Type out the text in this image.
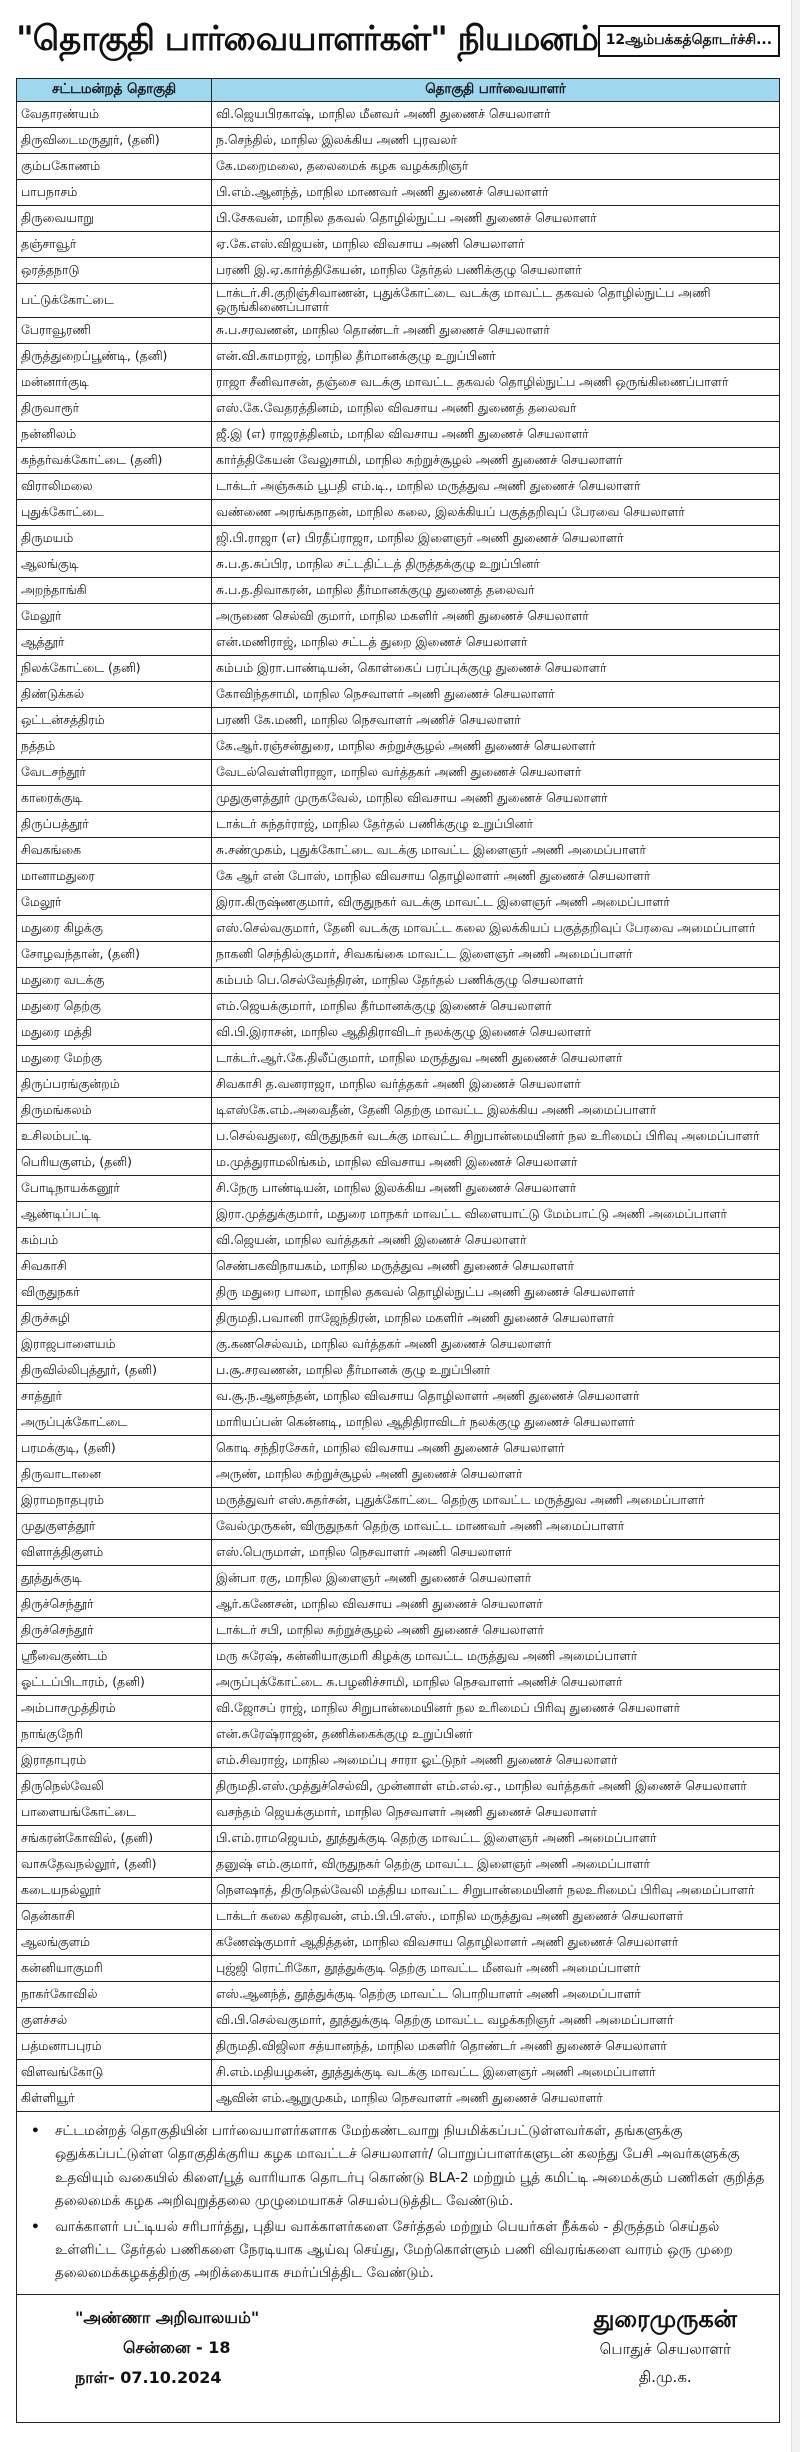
"தொகுதி பார்வையாளர்கள்" நியமனம் 12ஆம்பக்கத்தொடர்ச்சி...
சட்டமன்றத் தொகுதி	தொகுதி பார்வையாளர்
வேதாரண்யம்	வி.ஜெயபிரகாஷ், மாநில மீனவர் அணி துணைச் செயலாளர்
திருவிடைமருதூர், (தனி)	ந.செந்தில், மாநில இலக்கிய அணி புரவலர்
கும்பகோணம்	கே.மறைமலை, தலைமைக் கழக வழக்கறிஞர்
பாபநாசம்	பி.எம்.ஆனந்த், மாநில மாணவர் அணி துணைச் செயலாளர்
திருவையாறு	பி.சேகவன், மாநில தகவல் தொழில்நுட்ப அணி துணைச் செயலாளர்
தஞ்சாவூர்	ஏ.கே.எஸ்.விஜயன், மாநில விவசாய அணி செயலாளர்
ஒரத்தநாடு	பரணி இ.ஏ.கார்த்திகேயன், மாநில தேர்தல் பணிக்குழு செயலாளர்
பட்டுக்கோட்டை	டாக்டர்.சி.குறிஞ்சிவாணன், புதுக்கோட்டை வடக்கு மாவட்ட தகவல் தொழில்நுட்ப அணி ஒருங்கிணைப்பாளர்
பேராவூரணி	சு.ப.சரவணன், மாநில தொண்டர் அணி துணைச் செயலாளர்
திருத்துறைப்பூண்டி, (தனி)	என்.வி.காமராஜ், மாநில தீர்மானக்குழு உறுப்பினர்
மன்னார்குடி	ராஜா சீனிவாசன், தஞ்சை வடக்கு மாவட்ட தகவல் தொழில்நுட்ப அணி ஒருங்கிணைப்பாளர்
திருவாரூர்	எஸ்.கே.வேதரத்தினம், மாநில விவசாய அணி துணைத் தலைவர்
நன்னிலம்	ஜீ.இ (எ) ராஜரத்தினம், மாநில விவசாய அணி துணைச் செயலாளர்
கந்தர்வக்கோட்டை (தனி)	கார்த்திகேயன் வேலுசாமி, மாநில சுற்றுச்சூழல் அணி துணைச் செயலாளர்
விராலிமலை	டாக்டர் அஞ்சுகம் பூபதி எம்.டி., மாநில மருத்துவ அணி துணைச் செயலாளர்
புதுக்கோட்டை	வண்ணை அரங்கநாதன், மாநில கலை, இலக்கியப் பகுத்தறிவுப் பேரவை செயலாளர்
திருமயம்	ஜி.பி.ராஜா (எ) பிரதீப்ராஜா, மாநில இளைஞர் அணி துணைச் செயலாளர்
ஆலங்குடி	சு.ப.த.சுப்பிர, மாநில சட்டதிட்டத் திருத்தக்குழு உறுப்பினர்
அறந்தாங்கி	சு.ப.த.திவாகரன், மாநில தீர்மானக்குழு துணைத் தலைவர்
மேலூர்	அருணை செல்வி குமார், மாநில மகளிர் அணி துணைச் செயலாளர்
ஆத்தூர்	என்.மணிராஜ், மாநில சட்டத் துறை இணைச் செயலாளர்
நிலக்கோட்டை (தனி)	கம்பம் இரா.பாண்டியன், கொள்கைப் பரப்புக்குழு துணைச் செயலாளர்
திண்டுக்கல்	கோவிந்தசாமி, மாநில நெசவாளர் அணி துணைச் செயலாளர்
ஒட்டன்சத்திரம்	பரணி கே.மணி, மாநில நெசவாளர் அணிச் செயலாளர்
நத்தம்	கே.ஆர்.ரஞ்சன்துரை, மாநில சுற்றுச்சூழல் அணி துணைச் செயலாளர்
வேடசந்தூர்	வேடல்வெள்ளிராஜா, மாநில வர்த்தகர் அணி துணைச் செயலாளர்
காரைக்குடி	முதுகுளத்தூர் முருகவேல், மாநில விவசாய அணி துணைச் செயலாளர்
திருப்பத்தூர்	டாக்டர் சுந்தர்ராஜ், மாநில தேர்தல் பணிக்குழு உறுப்பினர்
சிவகங்கை	சு.சண்முகம், புதுக்கோட்டை வடக்கு மாவட்ட இளைஞர் அணி அமைப்பாளர்
மானாமதுரை	கே ஆர் என் போஸ், மாநில விவசாய தொழிலாளர் அணி துணைச் செயலாளர்
மேலூர்	இரா.கிருஷ்ணகுமார், விருதுநகர் வடக்கு மாவட்ட இளைஞர் அணி அமைப்பாளர்
மதுரை கிழக்கு	எஸ்.செல்வகுமார், தேனி வடக்கு மாவட்ட கலை இலக்கியப் பகுத்தறிவுப் பேரவை அமைப்பாளர்
சோழவந்தான், (தனி)	நாகனி செந்தில்குமார், சிவகங்கை மாவட்ட இளைஞர் அணி அமைப்பாளர்
மதுரை வடக்கு	கம்பம் பெ.செல்வேந்திரன், மாநில தேர்தல் பணிக்குழு செயலாளர்
மதுரை தெற்கு	எம்.ஜெயக்குமார், மாநில தீர்மானக்குழு இணைச் செயலாளர்
மதுரை மத்தி	வி.பி.இராசன், மாநில ஆதிதிராவிடர் நலக்குழு இணைச் செயலாளர்
மதுரை மேற்கு	டாக்டர்.ஆர்.கே.திலீப்குமார், மாநில மருத்துவ அணி துணைச் செயலாளர்
திருப்பரங்குன்றம்	சிவகாசி த.வனராஜா, மாநில வர்த்தகர் அணி இணைச் செயலாளர்
திருமங்கலம்	டிஎஸ்கே.எம்.அவைதீன், தேனி தெற்கு மாவட்ட இலக்கிய அணி அமைப்பாளர்
உசிலம்பட்டி	ப.செல்வதுரை, விருதுநகர் வடக்கு மாவட்ட சிறுபான்மையினர் நல உரிமைப் பிரிவு அமைப்பாளர்
பெரியகுளம், (தனி)	ம.முத்துராமலிங்கம், மாநில விவசாய அணி இணைச் செயலாளர்
போடிநாயக்கனூர்	சி.நேரு பாண்டியன், மாநில இலக்கிய அணி துணைச் செயலாளர்
ஆண்டிப்பட்டி	இரா.முத்துக்குமார், மதுரை மாநகர் மாவட்ட விளையாட்டு மேம்பாட்டு அணி அமைப்பாளர்
கம்பம்	வி.ஜெயன், மாநில வர்த்தகர் அணி இணைச் செயலாளர்
சிவகாசி	செண்பகவிநாயகம், மாநில மருத்துவ அணி துணைச் செயலாளர்
விருதுநகர்	திரு மதுரை பாலா, மாநில தகவல் தொழில்நுட்ப அணி துணைச் செயலாளர்
திருச்சுழி	திருமதி.பவானி ராஜேந்திரன், மாநில மகளிர் அணி துணைச் செயலாளர்
இராஜபாளையம்	கு.கணசெல்வம், மாநில வர்த்தகர் அணி துணைச் செயலாளர்
திருவில்லிபுத்தூர், (தனி)	ப.சூ.சரவணன், மாநில தீர்மானக் குழு உறுப்பினர்
சாத்தூர்	வ.சூ.ந.ஆனந்தன், மாநில விவசாய தொழிலாளர் அணி துணைச் செயலாளர்
அருப்புக்கோட்டை	மாரியப்பன் கென்னடி, மாநில ஆதிதிராவிடர் நலக்குழு துணைச் செயலாளர்
பரமக்குடி, (தனி)	கொடி சந்திரசேகர், மாநில விவசாய அணி துணைச் செயலாளர்
திருவாடானை	அருண், மாநில சுற்றுச்சூழல் அணி துணைச் செயலாளர்
இராமநாதபுரம்	மருத்துவர் எஸ்.சுதர்சன், புதுக்கோட்டை தெற்கு மாவட்ட மருத்துவ அணி அமைப்பாளர்
முதுகுளத்தூர்	வேல்முருகன், விருதுநகர் தெற்கு மாவட்ட மாணவர் அணி அமைப்பாளர்
விளாத்திகுளம்	எஸ்.பெருமாள், மாநில நெசவாளர் அணி செயலாளர்
தூத்துக்குடி	இன்பா ரகு, மாநில இளைஞர் அணி துணைச் செயலாளர்
திருச்செந்தூர்	ஆர்.கணேசன், மாநில விவசாய அணி துணைச் செயலாளர்
திருச்செந்தூர்	டாக்டர் சபி, மாநில சுற்றுச்சூழல் அணி துணைச் செயலாளர்
ஸ்ரீவைகுண்டம்	மரு சுரேஷ், கன்னியாகுமரி கிழக்கு மாவட்ட மருத்துவ அணி அமைப்பாளர்
ஓட்டப்பிடாரம், (தனி)	அருப்புக்கோட்டை சு.பழனிச்சாமி, மாநில நெசவாளர் அணிச் செயலாளர்
அம்பாசமுத்திரம்	வி.ஜோசப் ராஜ், மாநில சிறுபான்மையினர் நல உரிமைப் பிரிவு துணைச் செயலாளர்
நாங்குநேரி	என்.சுரேஷ்ராஜன், தணிக்கைக்குழு உறுப்பினர்
இராதாபுரம்	எம்.சிவராஜ், மாநில அமைப்பு சாரா ஓட்டுநர் அணி துணைச் செயலாளர்
திருநெல்வேலி	திருமதி.எஸ்.முத்துச்செல்வி, முன்னாள் எம்.எல்.ஏ., மாநில வர்த்தகர் அணி இணைச் செயலாளர்
பாளையங்கோட்டை	வசந்தம் ஜெயக்குமார், மாநில நெசவாளர் அணி துணைச் செயலாளர்
சங்கரன்கோவில், (தனி)	பி.எம்.ராமஜெயம், தூத்துக்குடி தெற்கு மாவட்ட இளைஞர் அணி அமைப்பாளர்
வாசுதேவநல்லூர், (தனி)	தனுஷ் எம்.குமார், விருதுநகர் தெற்கு மாவட்ட இளைஞர் அணி அமைப்பாளர்
கடையநல்லூர்	நௌஷாத், திருநெல்வேலி மத்திய மாவட்ட சிறுபான்மையினர் நலஉரிமைப் பிரிவு அமைப்பாளர்
தென்காசி	டாக்டர் கலை கதிரவன், எம்.பி.பி.எஸ்., மாநில மருத்துவ அணி துணைச் செயலாளர்
ஆலங்குளம்	கணேஷ்குமார் ஆதித்தன், மாநில விவசாய தொழிலாளர் அணி துணைச் செயலாளர்
கன்னியாகுமரி	புஜ்ஜி ரொட்ரிகோ, தூத்துக்குடி தெற்கு மாவட்ட மீனவர் அணி அமைப்பாளர்
நாகர்கோவில்	எஸ்.ஆனந்த், தூத்துக்குடி தெற்கு மாவட்ட பொறியாளர் அணி அமைப்பாளர்
குளச்சல்	வி.பி.செல்வகுமார், தூத்துக்குடி தெற்கு மாவட்ட வழக்கறிஞர் அணி அமைப்பாளர்
பத்மனாபபுரம்	திருமதி.விஜிலா சத்யானந்த், மாநில மகளிர் தொண்டர் அணி துணைச் செயலாளர்
விளவங்கோடு	சி.எம்.மதியழகன், தூத்துக்குடி வடக்கு மாவட்ட இளைஞர் அணி அமைப்பாளர்
கிள்ளியூர்	ஆவின் எம்.ஆறுமுகம், மாநில நெசவாளர் அணி துணைச் செயலாளர்
•	சட்டமன்றத் தொகுதியின் பார்வையாளர்களாக மேற்கண்டவாறு நியமிக்கப்பட்டுள்ளவர்கள், தங்களுக்கு ஒதுக்கப்பட்டுள்ள தொகுதிக்குரிய கழக மாவட்டச் செயலாளர்/ பொறுப்பாளர்களுடன் கலந்து பேசி அவர்களுக்கு உதவியும் வகையில் கிளை/பூத் வாரியாக தொடர்பு கொண்டு BLA-2 மற்றும் பூத் கமிட்டி அமைக்கும் பணிகள் குறித்த தலைமைக் கழக அறிவுறுத்தலை முழுமையாகச் செயல்படுத்திட வேண்டும்.
•	வாக்காளர் பட்டியல் சரிபார்த்து, புதிய வாக்காளர்களை சேர்த்தல் மற்றும் பெயர்கள் நீக்கல் - திருத்தம் செய்தல் உள்ளிட்ட தேர்தல் பணிகளை நேரடியாக ஆய்வு செய்து, மேற்கொள்ளும் பணி விவரங்களை வாரம் ஒரு முறை தலைமைக்கழகத்திற்கு அறிக்கையாக சமர்ப்பித்திட வேண்டும்.
"அண்ணா அறிவாலயம்"
சென்னை - 18
நாள்- 07.10.2024
துரைமுருகன்
பொதுச் செயலாளர்
தி.மு.க.
